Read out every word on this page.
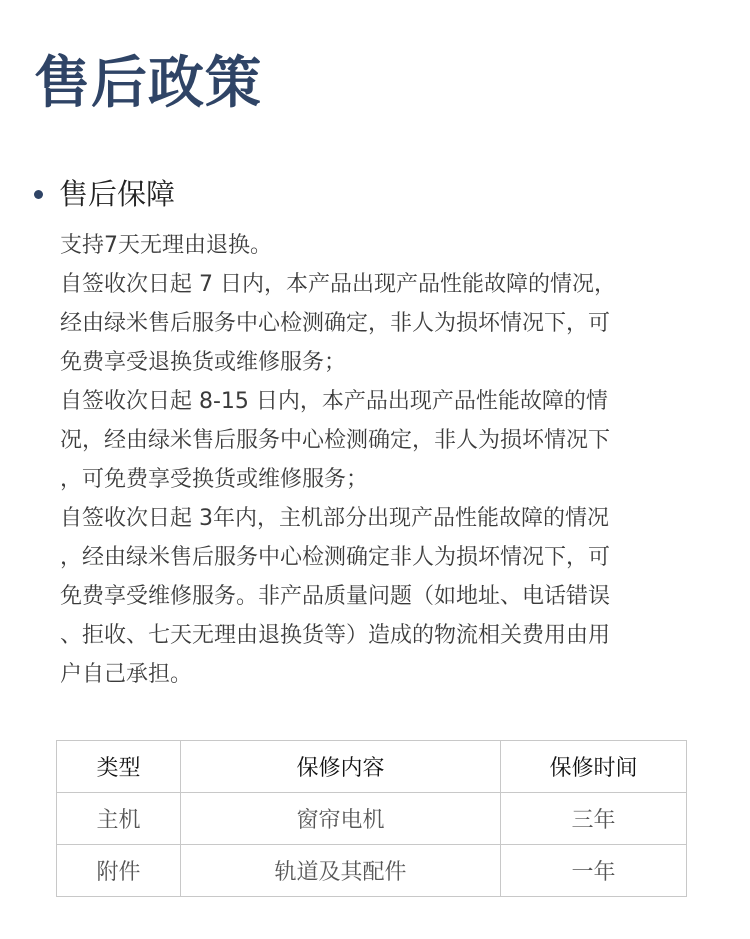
售后政策
售后保障
支持7天无理由退换。
自签收次日起 7 日内，本产品出现产品性能故障的情况，
经由绿米售后服务中心检测确定，非人为损坏情况下，可
免费享受退换货或维修服务；
自签收次日起 8-15 日内，本产品出现产品性能故障的情
况，经由绿米售后服务中心检测确定，非人为损坏情况下
，可免费享受换货或维修服务；
自签收次日起 3年内，主机部分出现产品性能故障的情况
，经由绿米售后服务中心检测确定非人为损坏情况下，可
免费享受维修服务。非产品质量问题（如地址、电话错误
、拒收、七天无理由退换货等）造成的物流相关费用由用
户自己承担。
类型	保修内容	保修时间
主机	窗帘电机	三年
附件	轨道及其配件	一年
